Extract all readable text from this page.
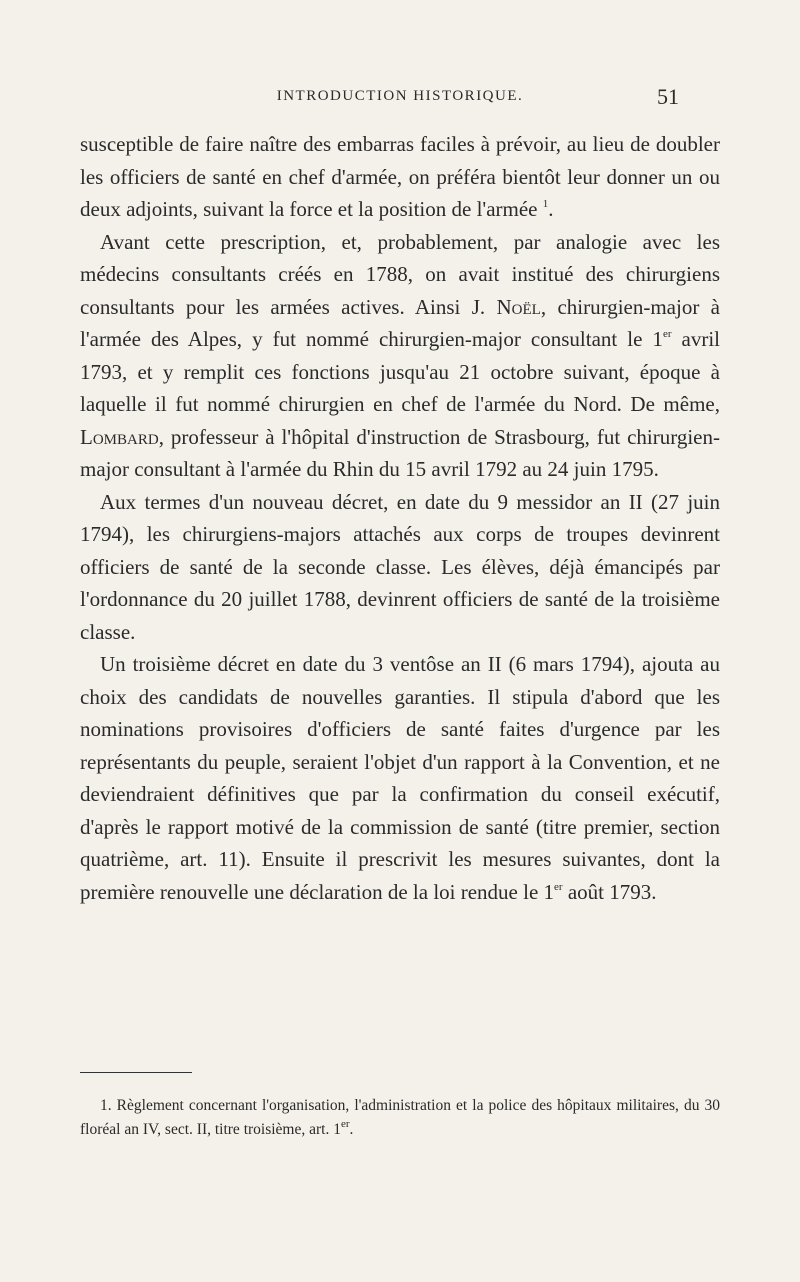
INTRODUCTION HISTORIQUE.	51

susceptible de faire naître des embarras faciles à prévoir, au lieu de doubler les officiers de santé en chef d'armée, on préféra bientôt leur donner un ou deux adjoints, suivant la force et la position de l'armée $^1$.

Avant cette prescription, et, probablement, par analogie avec les médecins consultants créés en 1788, on avait institué des chirurgiens consultants pour les armées actives. Ainsi J. Noël, chirurgien-major à l'armée des Alpes, y fut nommé chirurgien-major consultant le 1er avril 1793, et y remplit ces fonctions jusqu'au 21 octobre suivant, époque à laquelle il fut nommé chirurgien en chef de l'armée du Nord. De même, Lombard, professeur à l'hôpital d'instruction de Strasbourg, fut chirurgien-major consultant à l'armée du Rhin du 15 avril 1792 au 24 juin 1795.

Aux termes d'un nouveau décret, en date du 9 messidor an II (27 juin 1794), les chirurgiens-majors attachés aux corps de troupes devinrent officiers de santé de la seconde classe. Les élèves, déjà émancipés par l'ordonnance du 20 juillet 1788, devinrent officiers de santé de la troisième classe.

Un troisième décret en date du 3 ventôse an II (6 mars 1794), ajouta au choix des candidats de nouvelles garanties. Il stipula d'abord que les nominations provisoires d'officiers de santé faites d'urgence par les représentants du peuple, seraient l'objet d'un rapport à la Convention, et ne deviendraient définitives que par la confirmation du conseil exécutif, d'après le rapport motivé de la commission de santé (titre premier, section quatrième, art. 11). Ensuite il prescrivit les mesures suivantes, dont la première renouvelle une déclaration de la loi rendue le 1er août 1793.

1. Règlement concernant l'organisation, l'administration et la police des hôpitaux militaires, du 30 floréal an IV, sect. II, titre troisième, art. 1er.
